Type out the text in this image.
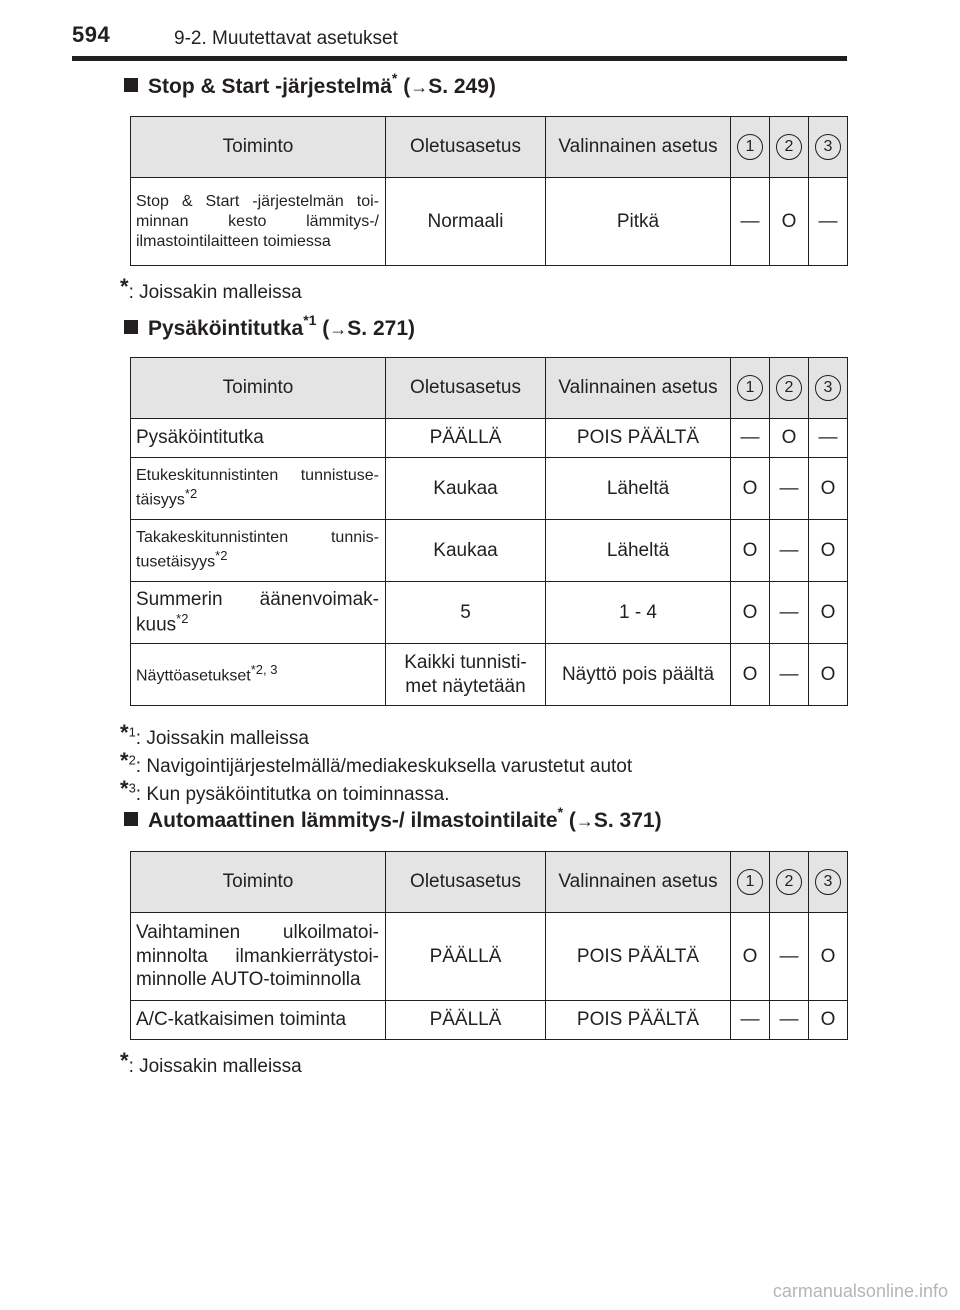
594	9-2. Muutettavat asetukset
Stop & Start -järjestelmä* (→S. 249)
Toiminto	Oletusasetus	Valinnainen asetus	1	2	3
Stop & Start -järjestelmän toi-minnan kesto lämmitys-/ ilmastointilaitteen toimiessa	Normaali	Pitkä	—	O	—
*: Joissakin malleissa
Pysäköintitutka$^{*1}$ (→S. 271)
Toiminto	Oletusasetus	Valinnainen asetus	1	2	3
Pysäköintitutka	PÄÄLLÄ	POIS PÄÄLTÄ	—	O	—
Etukeskitunnistinten tunnistuse-täisyys$^{*2}$	Kaukaa	Läheltä	O	—	O
Takakeskitunnistinten tunnis-tusetäisyys$^{*2}$	Kaukaa	Läheltä	O	—	O
Summerin äänenvoimak-kuus$^{*2}$	5	1 - 4	O	—	O
Näyttöasetukset$^{*2, 3}$	Kaikki tunnisti-met näytetään	Näyttö pois päältä	O	—	O
*$^1$: Joissakin malleissa
*$^2$: Navigointijärjestelmällä/mediakeskuksella varustetut autot
*$^3$: Kun pysäköintitutka on toiminnassa.
Automaattinen lämmitys-/ ilmastointilaite* (→S. 371)
Toiminto	Oletusasetus	Valinnainen asetus	1	2	3
Vaihtaminen ulkoilmatoi-minnolta ilmankierrätystoi-minnolle AUTO-toiminnolla	PÄÄLLÄ	POIS PÄÄLTÄ	O	—	O
A/C-katkaisimen toiminta	PÄÄLLÄ	POIS PÄÄLTÄ	—	—	O
*: Joissakin malleissa
carmanualsonline.info
